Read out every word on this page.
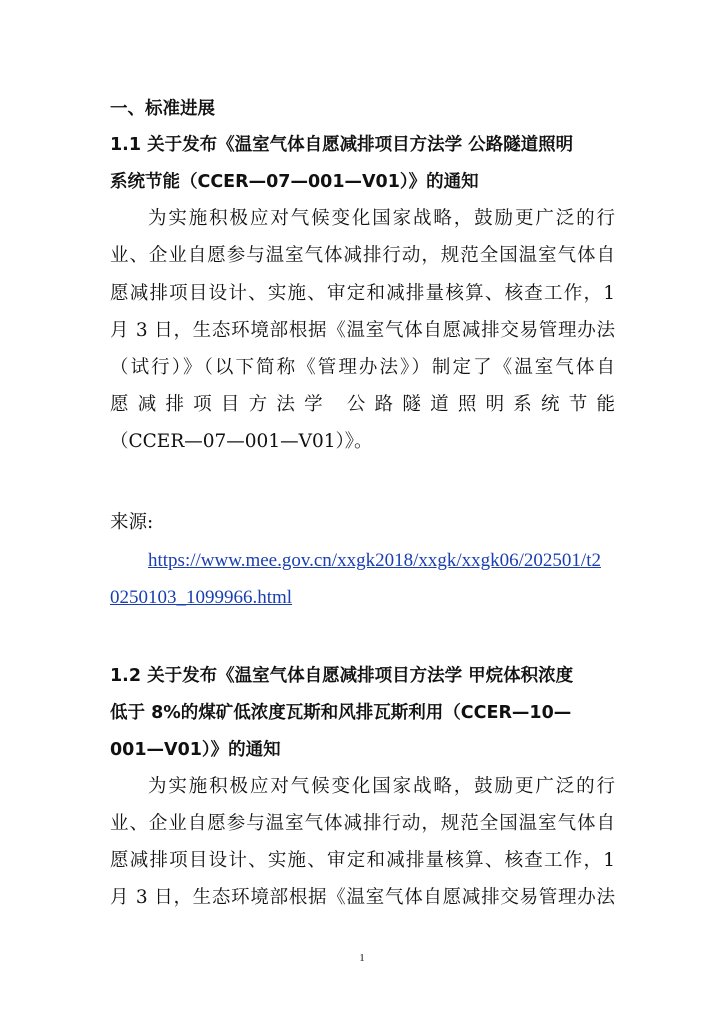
一、标准进展
1.1 关于发布《温室气体自愿减排项目方法学 公路隧道照明
系统节能（CCER—07—001—V01）》的通知
为实施积极应对气候变化国家战略，鼓励更广泛的行
业、企业自愿参与温室气体减排行动，规范全国温室气体自
愿减排项目设计、实施、审定和减排量核算、核查工作，1
月 3 日，生态环境部根据《温室气体自愿减排交易管理办法
（试行）》（以下简称《管理办法》）制定了《温室气体自
愿减排项目方法学 公路隧道照明系统节能
（CCER—07—001—V01）》。
来源:
https://www.mee.gov.cn/xxgk2018/xxgk/xxgk06/202501/t2
0250103_1099966.html
1.2 关于发布《温室气体自愿减排项目方法学 甲烷体积浓度
低于 8%的煤矿低浓度瓦斯和风排瓦斯利用（CCER—10—
001—V01）》的通知
为实施积极应对气候变化国家战略，鼓励更广泛的行
业、企业自愿参与温室气体减排行动，规范全国温室气体自
愿减排项目设计、实施、审定和减排量核算、核查工作，1
月 3 日，生态环境部根据《温室气体自愿减排交易管理办法
1
